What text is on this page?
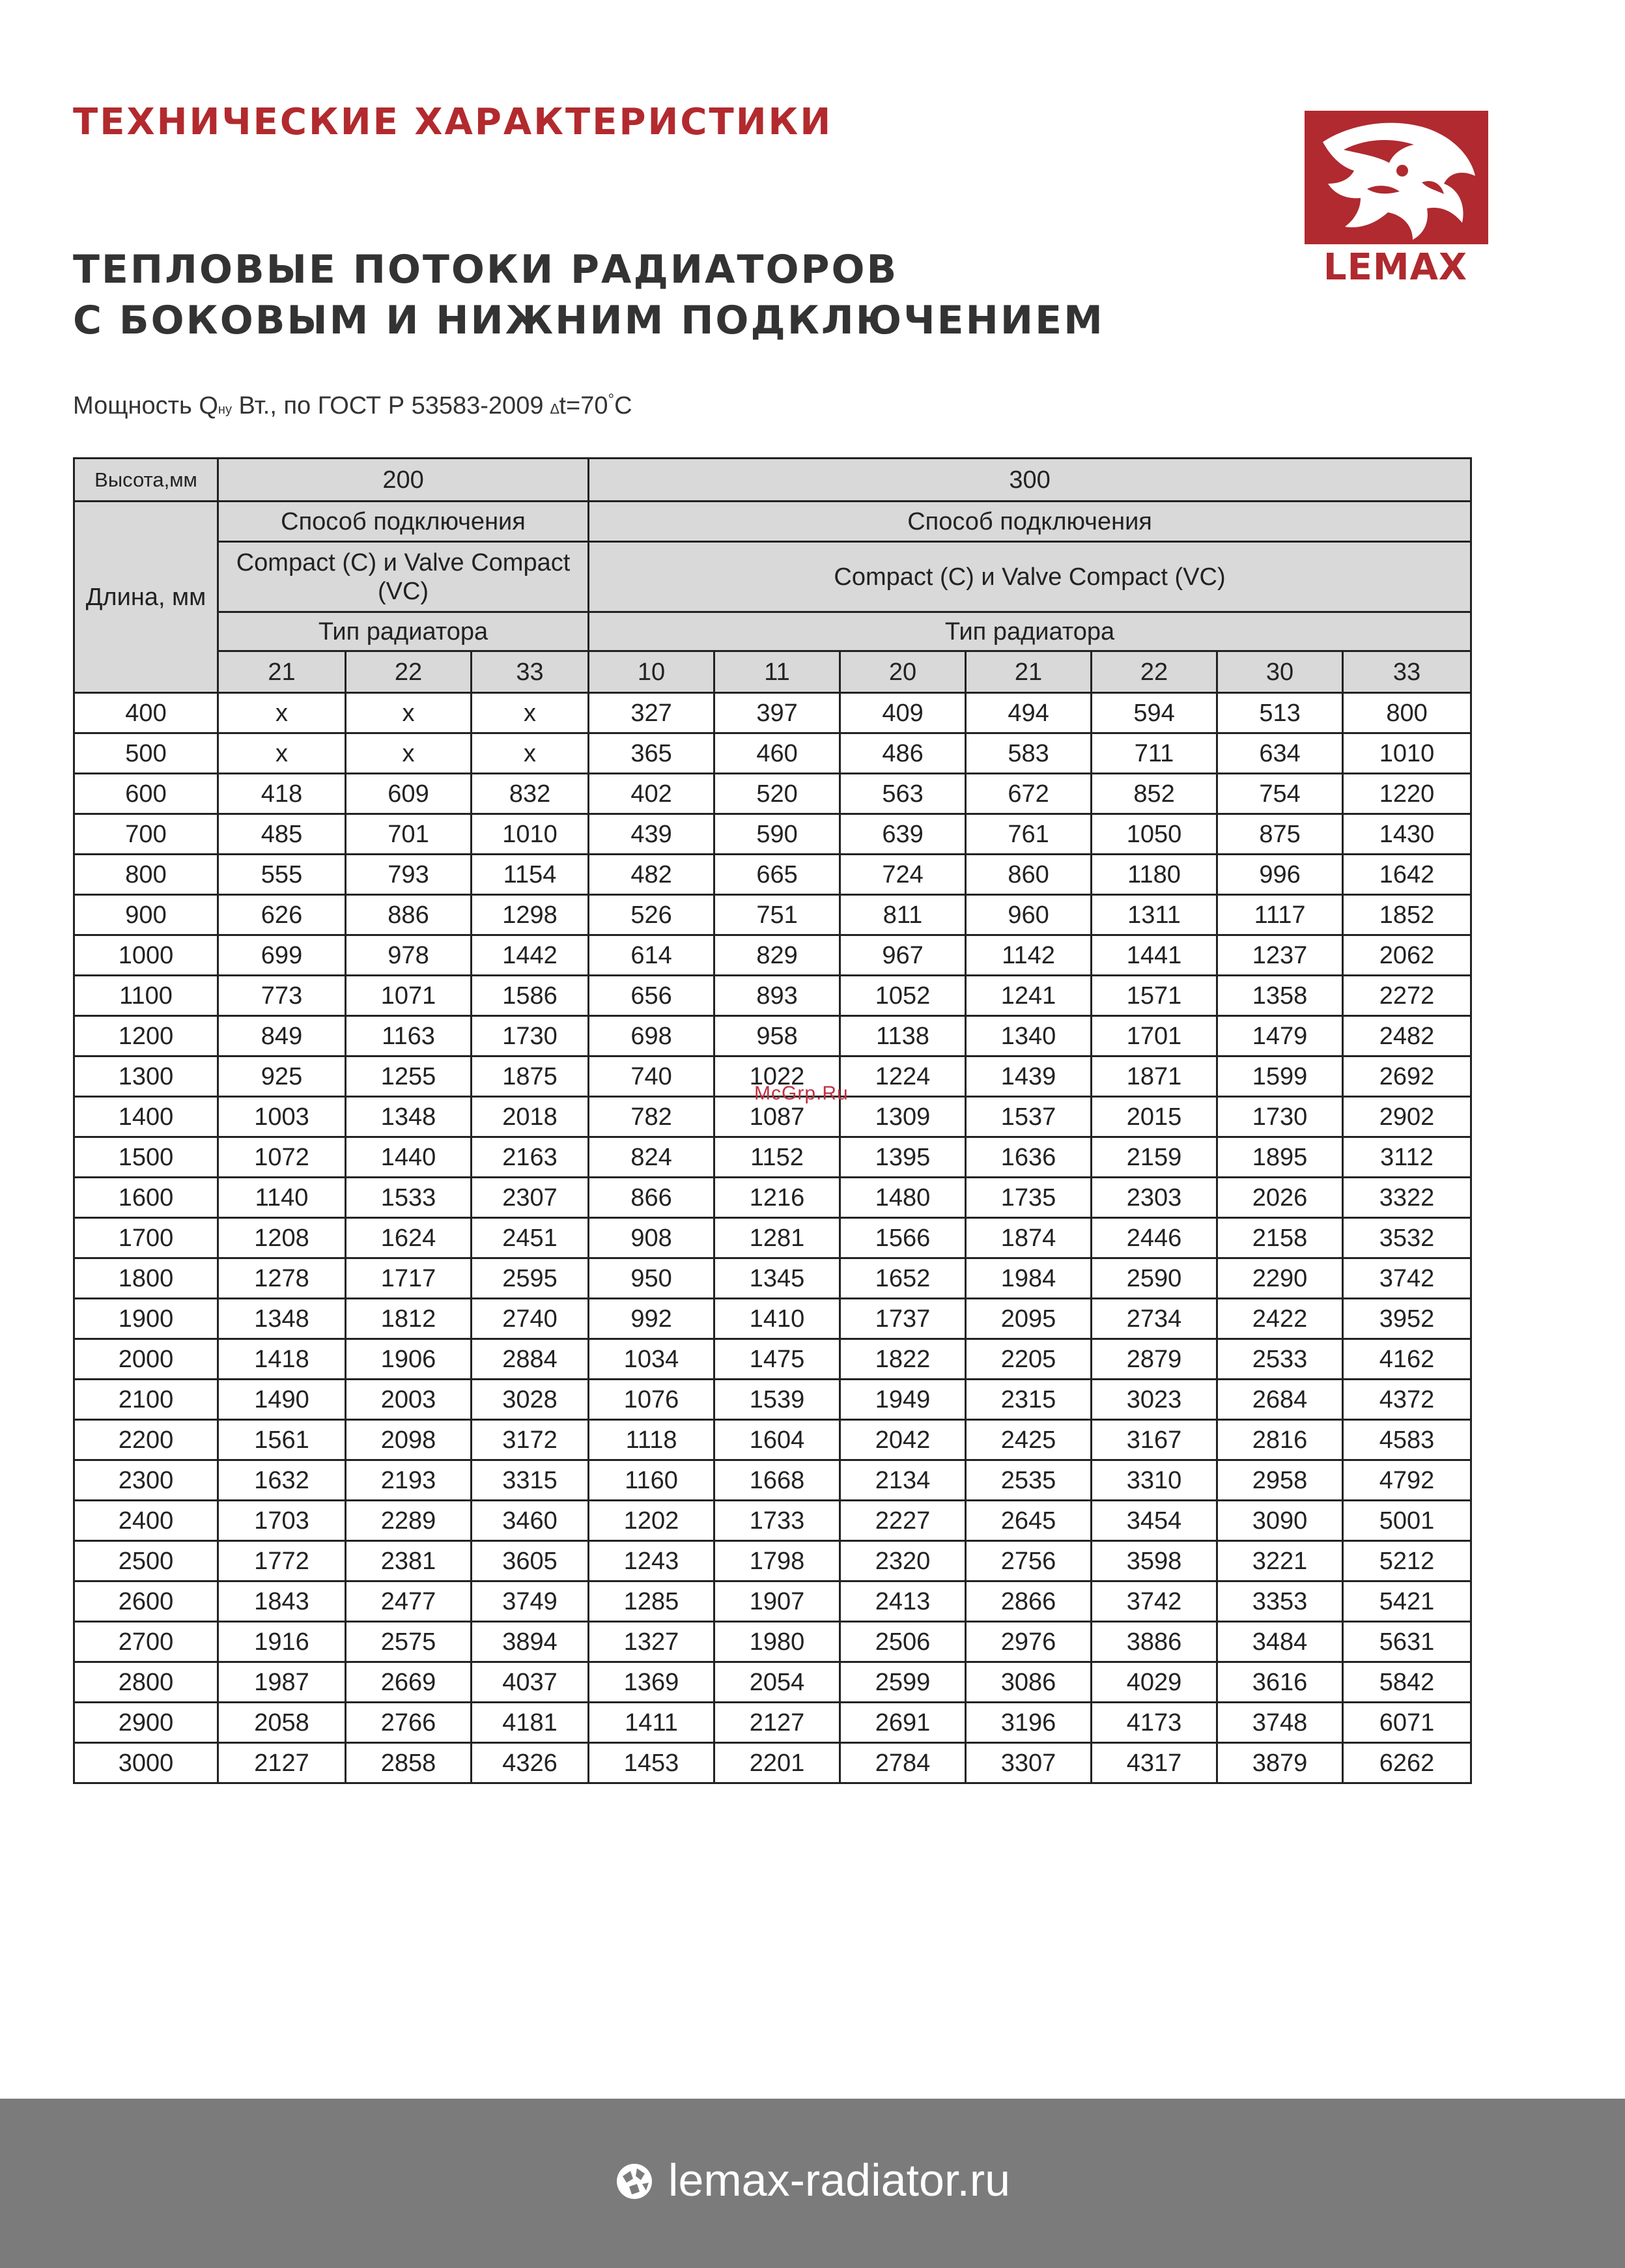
ТЕХНИЧЕСКИЕ ХАРАКТЕРИСТИКИ
ТЕПЛОВЫЕ ПОТОКИ РАДИАТОРОВ
С БОКОВЫМ И НИЖНИМ ПОДКЛЮЧЕНИЕМ
LEMAX
Мощность Qну Вт., по ГОСТ Р 53583-2009 ∆t=70°С
Высота,мм	200			300						
Длина, мм	Способ подключения			Способ подключения						
	Compact (C) и Valve Compact (VC)			Compact (C) и Valve Compact (VC)						
	Тип радиатора			Тип радиатора						
	21	22	33	10	11	20	21	22	30	33
400	x	x	x	327	397	409	494	594	513	800
500	x	x	x	365	460	486	583	711	634	1010
600	418	609	832	402	520	563	672	852	754	1220
700	485	701	1010	439	590	639	761	1050	875	1430
800	555	793	1154	482	665	724	860	1180	996	1642
900	626	886	1298	526	751	811	960	1311	1117	1852
1000	699	978	1442	614	829	967	1142	1441	1237	2062
1100	773	1071	1586	656	893	1052	1241	1571	1358	2272
1200	849	1163	1730	698	958	1138	1340	1701	1479	2482
1300	925	1255	1875	740	1022	1224	1439	1871	1599	2692
1400	1003	1348	2018	782	1087	1309	1537	2015	1730	2902
1500	1072	1440	2163	824	1152	1395	1636	2159	1895	3112
1600	1140	1533	2307	866	1216	1480	1735	2303	2026	3322
1700	1208	1624	2451	908	1281	1566	1874	2446	2158	3532
1800	1278	1717	2595	950	1345	1652	1984	2590	2290	3742
1900	1348	1812	2740	992	1410	1737	2095	2734	2422	3952
2000	1418	1906	2884	1034	1475	1822	2205	2879	2533	4162
2100	1490	2003	3028	1076	1539	1949	2315	3023	2684	4372
2200	1561	2098	3172	1118	1604	2042	2425	3167	2816	4583
2300	1632	2193	3315	1160	1668	2134	2535	3310	2958	4792
2400	1703	2289	3460	1202	1733	2227	2645	3454	3090	5001
2500	1772	2381	3605	1243	1798	2320	2756	3598	3221	5212
2600	1843	2477	3749	1285	1907	2413	2866	3742	3353	5421
2700	1916	2575	3894	1327	1980	2506	2976	3886	3484	5631
2800	1987	2669	4037	1369	2054	2599	3086	4029	3616	5842
2900	2058	2766	4181	1411	2127	2691	3196	4173	3748	6071
3000	2127	2858	4326	1453	2201	2784	3307	4317	3879	6262
McGrp.Ru
lemax-radiator.ru
